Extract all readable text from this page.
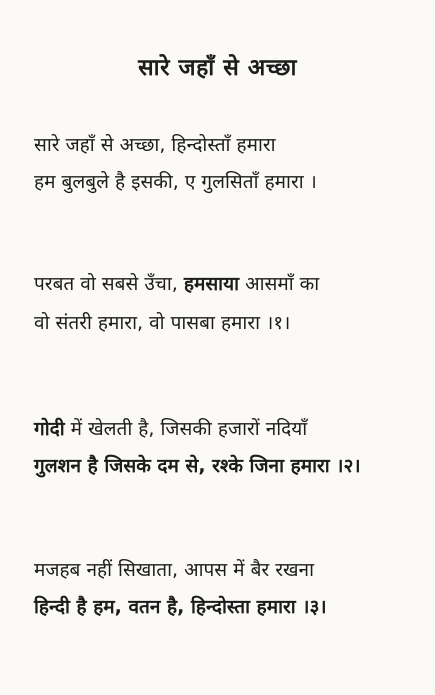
सारे जहाँ से अच्छा
सारे जहाँ से अच्छा, हिन्दोस्ताँ हमारा
हम बुलबुले है इसकी, ए गुलसिताँ हमारा ।
परबत वो सबसे उँचा, हमसाया आसमाँ का
वो संतरी हमारा, वो पासबा हमारा ।१।
गोदी में खेलती है, जिसकी हजारों नदियाँ
गुलशन है जिसके दम से, रश्के जिना हमारा ।२।
मजहब नहीं सिखाता, आपस में बैर रखना
हिन्दी है हम, वतन है, हिन्दोस्ता हमारा ।३।
